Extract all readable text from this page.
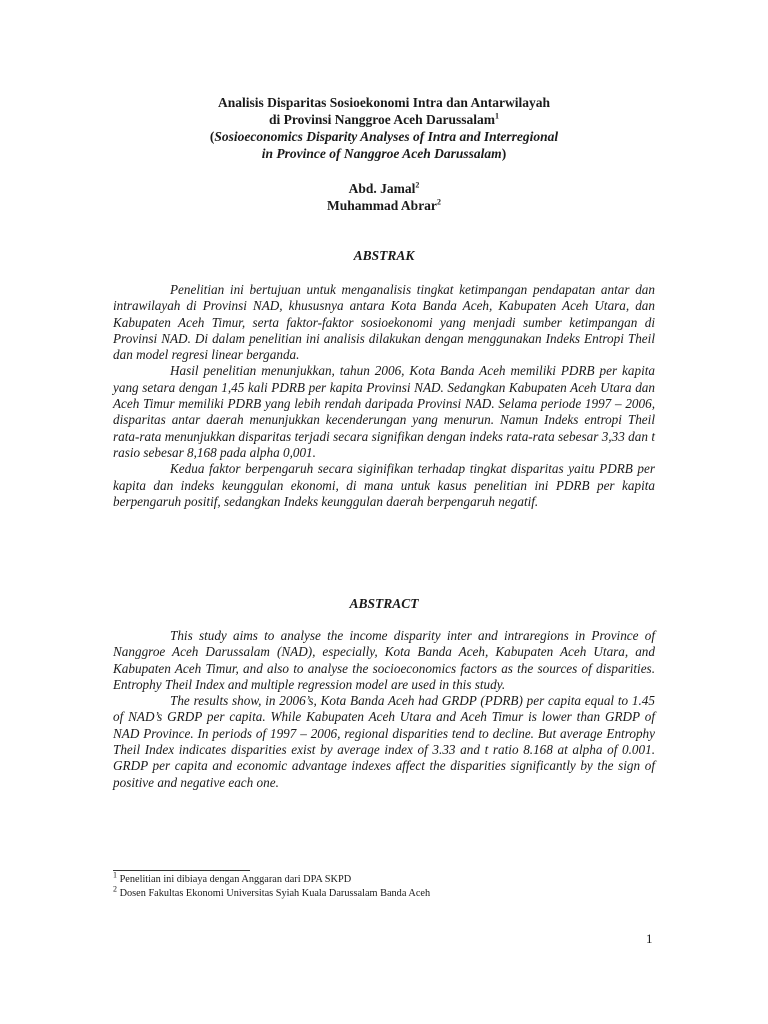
Analisis Disparitas Sosioekonomi Intra dan Antarwilayah
di Provinsi Nanggroe Aceh Darussalam$^1$
(Sosioeconomics Disparity Analyses of Intra and Interregional
in Province of Nanggroe Aceh Darussalam)
Abd. Jamal$^2$
Muhammad Abrar$^2$
ABSTRAK

Penelitian ini bertujuan untuk menganalisis tingkat ketimpangan pendapatan antar dan intrawilayah di Provinsi NAD, khususnya antara Kota Banda Aceh, Kabupaten Aceh Utara, dan Kabupaten Aceh Timur, serta faktor-faktor sosioekonomi yang menjadi sumber ketimpangan di Provinsi NAD. Di dalam penelitian ini analisis dilakukan dengan menggunakan Indeks Entropi Theil dan model regresi linear berganda.

Hasil penelitian menunjukkan, tahun 2006, Kota Banda Aceh memiliki PDRB per kapita yang setara dengan 1,45 kali PDRB per kapita Provinsi NAD. Sedangkan Kabupaten Aceh Utara dan Aceh Timur memiliki PDRB yang lebih rendah daripada Provinsi NAD. Selama periode 1997 – 2006, disparitas antar daerah menunjukkan kecenderungan yang menurun. Namun Indeks entropi Theil rata-rata menunjukkan disparitas terjadi secara signifikan dengan indeks rata-rata sebesar 3,33 dan t rasio sebesar 8,168 pada alpha 0,001.

Kedua faktor berpengaruh secara siginifikan terhadap tingkat disparitas yaitu PDRB per kapita dan indeks keunggulan ekonomi, di mana untuk kasus penelitian ini PDRB per kapita berpengaruh positif, sedangkan Indeks keunggulan daerah berpengaruh negatif.

ABSTRACT

This study aims to analyse the income disparity inter and intraregions in Province of Nanggroe Aceh Darussalam (NAD), especially, Kota Banda Aceh, Kabupaten Aceh Utara, and Kabupaten Aceh Timur, and also to analyse the socioeconomics factors as the sources of disparities. Entrophy Theil Index and multiple regression model are used in this study.

The results show, in 2006’s, Kota Banda Aceh had GRDP (PDRB) per capita equal to 1.45 of NAD’s GRDP per capita. While Kabupaten Aceh Utara and Aceh Timur is lower than GRDP of NAD Province. In periods of 1997 – 2006, regional disparities tend to decline. But average Entrophy Theil Index indicates disparities exist by average index of 3.33 and t ratio 8.168 at alpha of 0.001. GRDP per capita and economic advantage indexes affect the disparities significantly by the sign of positive and negative each one.

$^1$ Penelitian ini dibiaya dengan Anggaran dari DPA SKPD
$^2$ Dosen Fakultas Ekonomi Universitas Syiah Kuala Darussalam Banda Aceh
1
